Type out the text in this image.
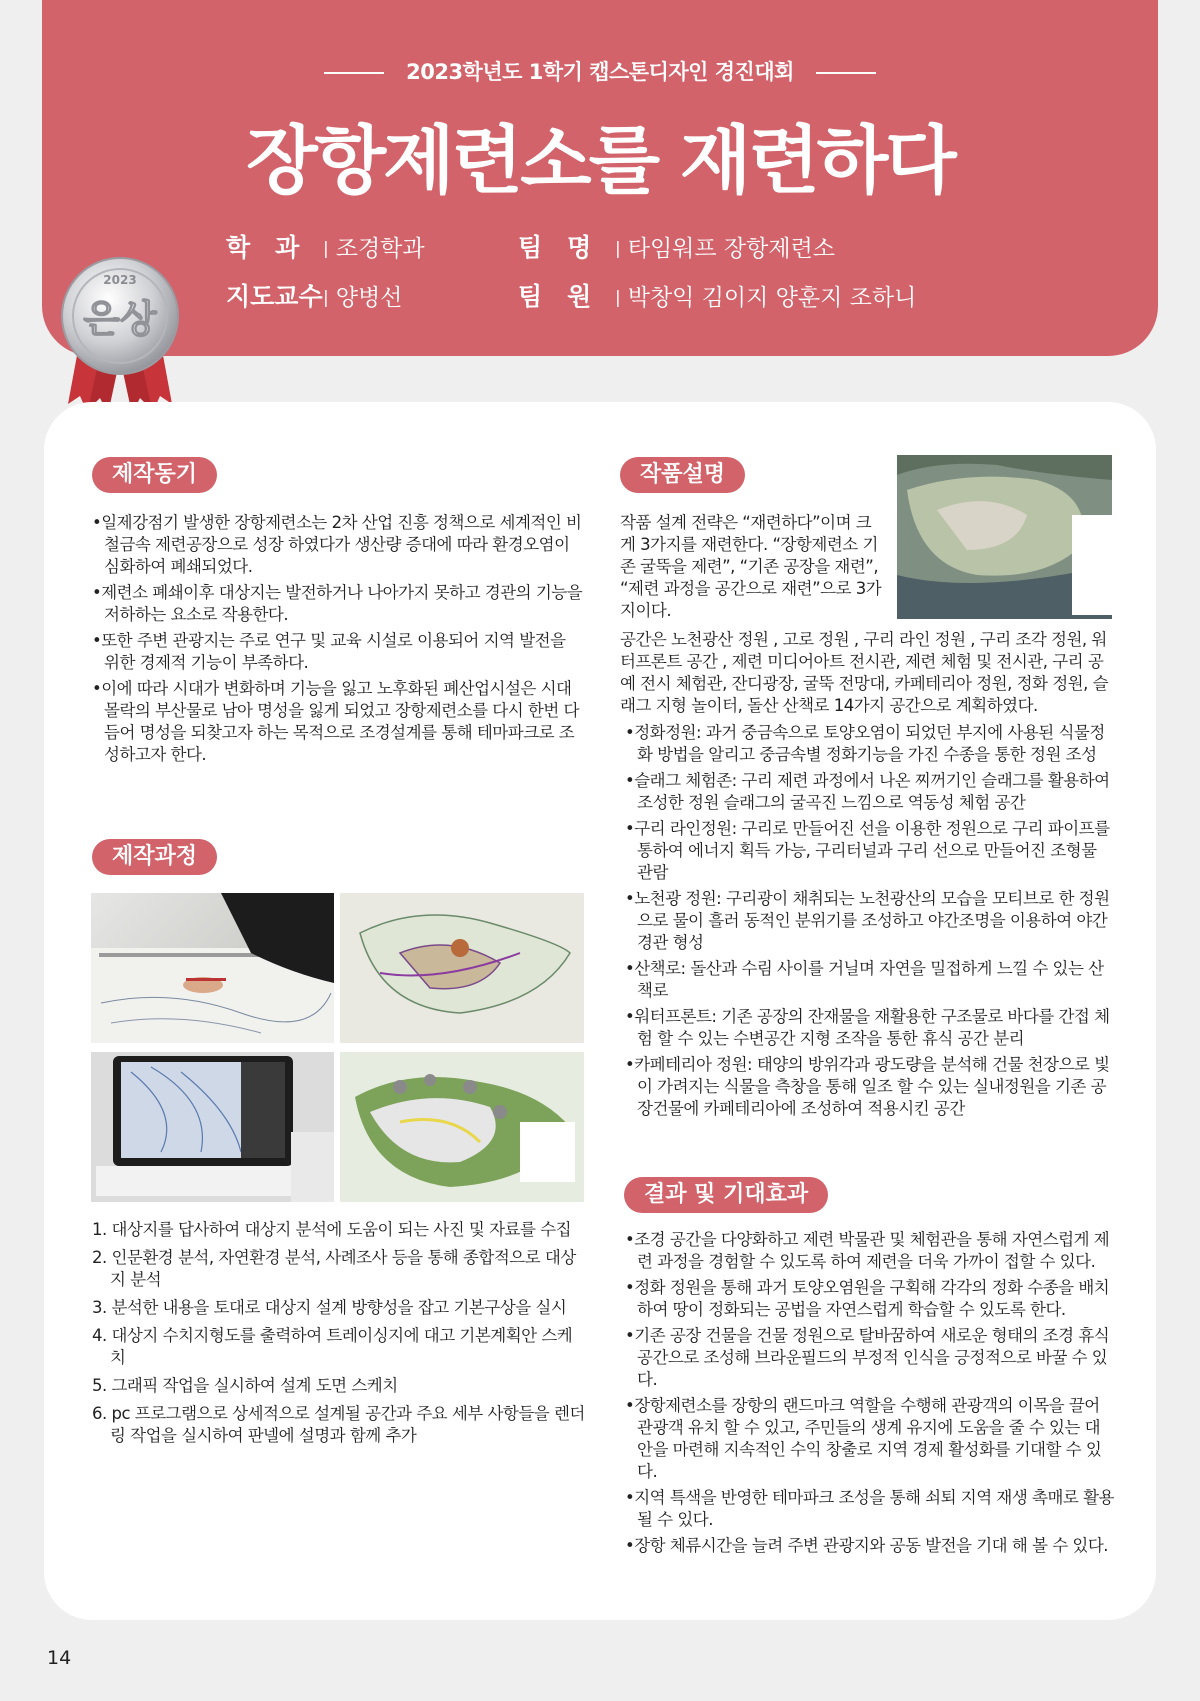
2023학년도 1학기 캡스톤디자인 경진대회
장항제련소를 재련하다
학　과 | 조경학과
지도교수| 양병선
팀　명 | 타임워프 장항제련소
팀　원 | 박창익 김이지 양훈지 조하니
2023
은상
제작동기
• 일제강점기 발생한 장항제련소는 2차 산업 진흥 정책으로 세계적인 비철금속 제련공장으로 성장 하였다가 생산량 증대에 따라 환경오염이 심화하여 폐쇄되었다.
• 제련소 폐쇄이후 대상지는 발전하거나 나아가지 못하고 경관의 기능을 저하하는 요소로 작용한다.
• 또한 주변 관광지는 주로 연구 및 교육 시설로 이용되어 지역 발전을 위한 경제적 기능이 부족하다.
• 이에 따라 시대가 변화하며 기능을 잃고 노후화된 폐산업시설은 시대 몰락의 부산물로 남아 명성을 잃게 되었고 장항제련소를 다시 한번 다듬어 명성을 되찾고자 하는 목적으로 조경설계를 통해 테마파크로 조성하고자 한다.
제작과정
1. 대상지를 답사하여 대상지 분석에 도움이 되는 사진 및 자료를 수집
2. 인문환경 분석, 자연환경 분석, 사례조사 등을 통해 종합적으로 대상지 분석
3. 분석한 내용을 토대로 대상지 설계 방향성을 잡고 기본구상을 실시
4. 대상지 수치지형도를 출력하여 트레이싱지에 대고 기본계획안 스케치
5. 그래픽 작업을 실시하여 설계 도면 스케치
6. pc 프로그램으로 상세적으로 설계될 공간과 주요 세부 사항들을 렌더링 작업을 실시하여 판넬에 설명과 함께 추가
작품설명
작품 설계 전략은 “재련하다”이며 크게 3가지를 재련한다. “장항제련소 기존 굴뚝을 제련”, “기존 공장을 재련”, “제련 과정을 공간으로 재련”으로 3가지이다.
공간은 노천광산 정원 , 고로 정원 , 구리 라인 정원 , 구리 조각 정원, 워터프론트 공간 , 제련 미디어아트 전시관, 제련 체험 및 전시관, 구리 공예 전시 체험관, 잔디광장, 굴뚝 전망대, 카페테리아 정원, 정화 정원, 슬래그 지형 놀이터, 돌산 산책로 14가지 공간으로 계획하였다.
• 정화정원: 과거 중금속으로 토양오염이 되었던 부지에 사용된 식물정화 방법을 알리고 중금속별 정화기능을 가진 수종을 통한 정원 조성
• 슬래그 체험존: 구리 제련 과정에서 나온 찌꺼기인 슬래그를 활용하여 조성한 정원 슬래그의 굴곡진 느낌으로 역동성 체험 공간
• 구리 라인정원: 구리로 만들어진 선을 이용한 정원으로 구리 파이프를 통하여 에너지 획득 가능, 구리터널과 구리 선으로 만들어진 조형물 관람
• 노천광 정원: 구리광이 채취되는 노천광산의 모습을 모티브로 한 정원으로 물이 흘러 동적인 분위기를 조성하고 야간조명을 이용하여 야간 경관 형성
• 산책로: 돌산과 수림 사이를 거닐며 자연을 밀접하게 느낄 수 있는 산책로
• 워터프론트: 기존 공장의 잔재물을 재활용한 구조물로 바다를 간접 체험 할 수 있는 수변공간 지형 조작을 통한 휴식 공간 분리
• 카페테리아 정원: 태양의 방위각과 광도량을 분석해 건물 천장으로 빛이 가려지는 식물을 측창을 통해 일조 할 수 있는 실내정원을 기존 공장건물에 카페테리아에 조성하여 적용시킨 공간
결과 및 기대효과
• 조경 공간을 다양화하고 제련 박물관 및 체험관을 통해 자연스럽게 제련 과정을 경험할 수 있도록 하여 제련을 더욱 가까이 접할 수 있다.
• 정화 정원을 통해 과거 토양오염원을 구획해 각각의 정화 수종을 배치하여 땅이 정화되는 공법을 자연스럽게 학습할 수 있도록 한다.
• 기존 공장 건물을 건물 정원으로 탈바꿈하여 새로운 형태의 조경 휴식 공간으로 조성해 브라운필드의 부정적 인식을 긍정적으로 바꿀 수 있다.
• 장항제련소를 장항의 랜드마크 역할을 수행해 관광객의 이목을 끌어 관광객 유치 할 수 있고, 주민들의 생계 유지에 도움을 줄 수 있는 대안을 마련해 지속적인 수익 창출로 지역 경제 활성화를 기대할 수 있다.
• 지역 특색을 반영한 테마파크 조성을 통해 쇠퇴 지역 재생 촉매로 활용 될 수 있다.
• 장항 체류시간을 늘려 주변 관광지와 공동 발전을 기대 해 볼 수 있다.
14
